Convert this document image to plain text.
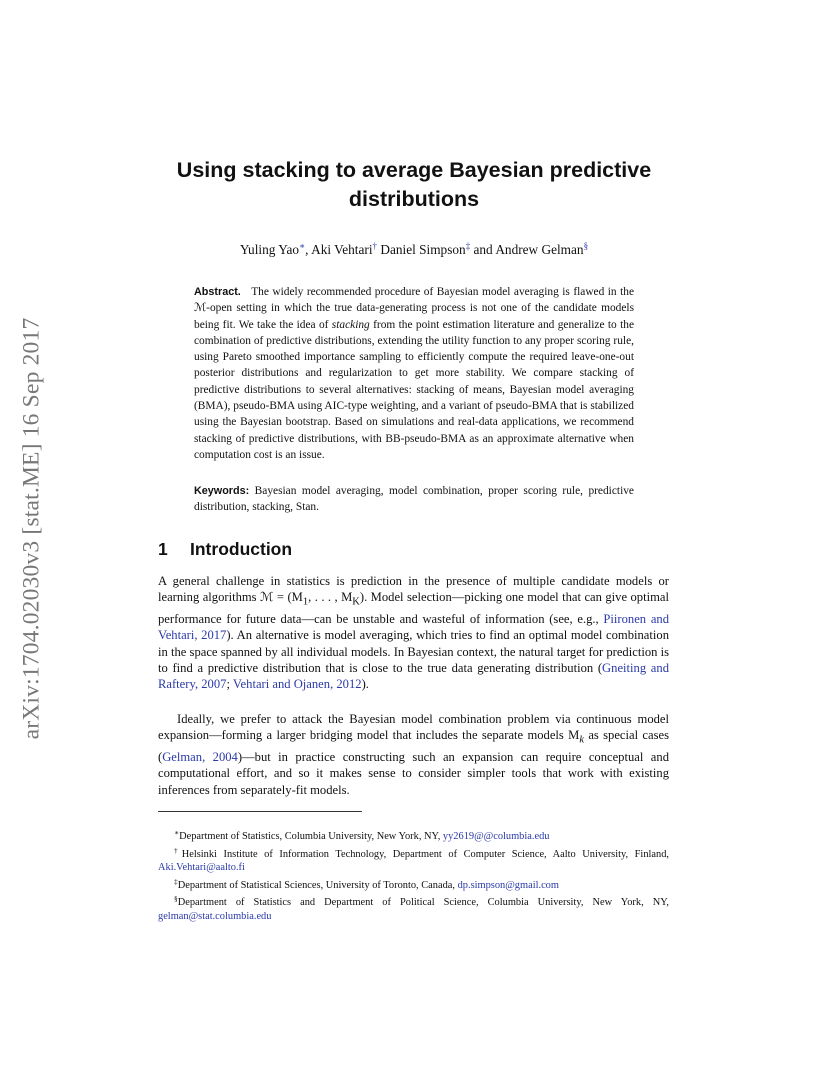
arXiv:1704.02030v3 [stat.ME] 16 Sep 2017
Using stacking to average Bayesian predictive
distributions
Yuling Yao∗, Aki Vehtari† Daniel Simpson‡ and Andrew Gelman§
Abstract. The widely recommended procedure of Bayesian model averaging is flawed in the ℳ-open setting in which the true data-generating process is not one of the candidate models being fit. We take the idea of stacking from the point estimation literature and generalize to the combination of predictive distributions, extending the utility function to any proper scoring rule, using Pareto smoothed importance sampling to efficiently compute the required leave-one-out posterior distributions and regularization to get more stability. We compare stacking of predictive distributions to several alternatives: stacking of means, Bayesian model averaging (BMA), pseudo-BMA using AIC-type weighting, and a variant of pseudo-BMA that is stabilized using the Bayesian bootstrap. Based on simulations and real-data applications, we recommend stacking of predictive distributions, with BB-pseudo-BMA as an approximate alternative when computation cost is an issue.
Keywords: Bayesian model averaging, model combination, proper scoring rule, predictive distribution, stacking, Stan.
1 Introduction
A general challenge in statistics is prediction in the presence of multiple candidate models or learning algorithms ℳ = ($M_1$, . . . , $M_K$). Model selection—picking one model that can give optimal performance for future data—can be unstable and wasteful of information (see, e.g., Piironen and Vehtari, 2017). An alternative is model averaging, which tries to find an optimal model combination in the space spanned by all individual models. In Bayesian context, the natural target for prediction is to find a predictive distribution that is close to the true data generating distribution (Gneiting and Raftery, 2007; Vehtari and Ojanen, 2012).
Ideally, we prefer to attack the Bayesian model combination problem via continuous model expansion—forming a larger bridging model that includes the separate models $M_k$ as special cases (Gelman, 2004)—but in practice constructing such an expansion can require conceptual and computational effort, and so it makes sense to consider simpler tools that work with existing inferences from separately-fit models.

∗Department of Statistics, Columbia University, New York, NY, yy2619@@columbia.edu

†Helsinki Institute of Information Technology, Department of Computer Science, Aalto University, Finland, Aki.Vehtari@aalto.fi

‡Department of Statistical Sciences, University of Toronto, Canada, dp.simpson@gmail.com

§Department of Statistics and Department of Political Science, Columbia University, New York, NY, gelman@stat.columbia.edu
